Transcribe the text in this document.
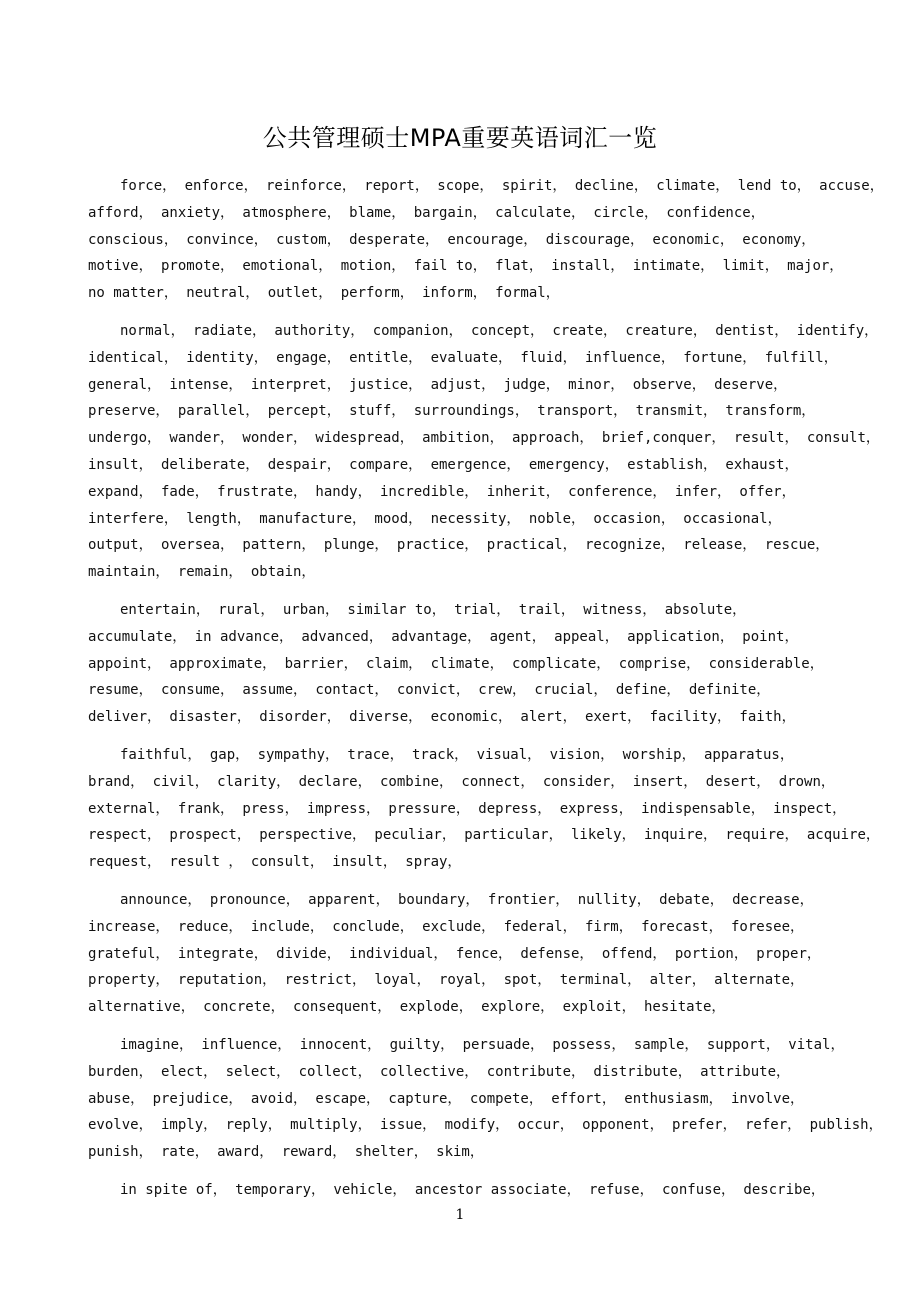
公共管理硕士MPA重要英语词汇一览
force， enforce， reinforce， report， scope， spirit， decline， climate， lend to， accuse，
afford， anxiety， atmosphere， blame， bargain， calculate， circle， confidence，
conscious， convince， custom， desperate， encourage， discourage， economic， economy，
motive， promote， emotional， motion， fail to， flat， install， intimate， limit， major，
no matter， neutral， outlet， perform， inform， formal，
normal， radiate， authority， companion， concept， create， creature， dentist， identify，
identical， identity， engage， entitle， evaluate， fluid， influence， fortune， fulfill，
general， intense， interpret， justice， adjust， judge， minor， observe， deserve，
preserve， parallel， percept， stuff， surroundings， transport， transmit， transform，
undergo， wander， wonder， widespread， ambition， approach， brief,conquer， result， consult，
insult， deliberate， despair， compare， emergence， emergency， establish， exhaust，
expand， fade， frustrate， handy， incredible， inherit， conference， infer， offer，
interfere， length， manufacture， mood， necessity， noble， occasion， occasional，
output， oversea， pattern， plunge， practice， practical， recognize， release， rescue，
maintain， remain， obtain，
entertain， rural， urban， similar to， trial， trail， witness， absolute，
accumulate， in advance， advanced， advantage， agent， appeal， application， point，
appoint， approximate， barrier， claim， climate， complicate， comprise， considerable，
resume， consume， assume， contact， convict， crew， crucial， define， definite，
deliver， disaster， disorder， diverse， economic， alert， exert， facility， faith，
faithful， gap， sympathy， trace， track， visual， vision， worship， apparatus，
brand， civil， clarity， declare， combine， connect， consider， insert， desert， drown，
external， frank， press， impress， pressure， depress， express， indispensable， inspect，
respect， prospect， perspective， peculiar， particular， likely， inquire， require， acquire，
request， result ， consult， insult， spray，
announce， pronounce， apparent， boundary， frontier， nullity， debate， decrease，
increase， reduce， include， conclude， exclude， federal， firm， forecast， foresee，
grateful， integrate， divide， individual， fence， defense， offend， portion， proper，
property， reputation， restrict， loyal， royal， spot， terminal， alter， alternate，
alternative， concrete， consequent， explode， explore， exploit， hesitate，
imagine， influence， innocent， guilty， persuade， possess， sample， support， vital，
burden， elect， select， collect， collective， contribute， distribute， attribute，
abuse， prejudice， avoid， escape， capture， compete， effort， enthusiasm， involve，
evolve， imply， reply， multiply， issue， modify， occur， opponent， prefer， refer， publish，
punish， rate， award， reward， shelter， skim，
in spite of， temporary， vehicle， ancestor associate， refuse， confuse， describe，
1
